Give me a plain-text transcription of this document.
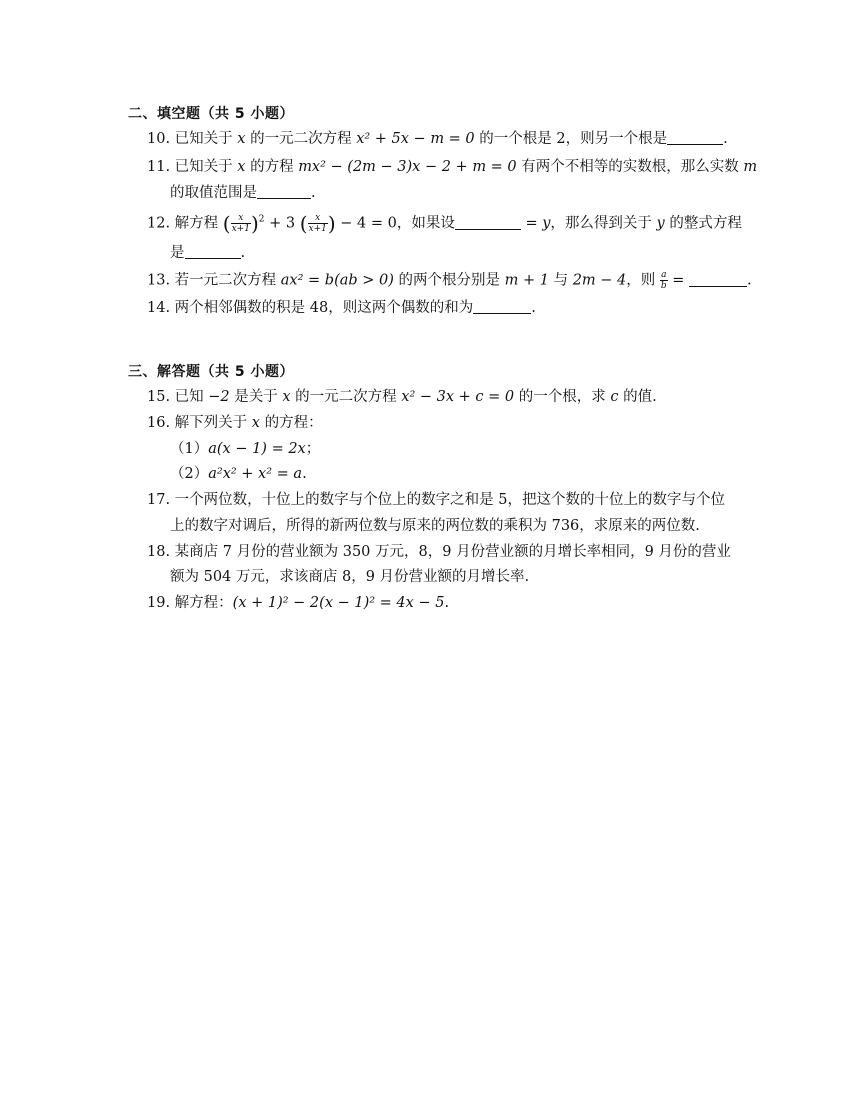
二、填空题（共 5 小题）
10. 已知关于 x 的一元二次方程 x² + 5x − m = 0 的一个根是 2，则另一个根是	.
11. 已知关于 x 的方程 mx² − (2m − 3)x − 2 + m = 0 有两个不相等的实数根，那么实数 m
的取值范围是	.
12. 解方程 ( $\frac{x}{x+1} )^2 + 3$ ( $\frac{x}{x+1}$ ) − 4 = 0，如果设	= y，那么得到关于 y 的整式方程
是	.
13. 若一元二次方程 ax² = b(ab > 0) 的两个根分别是 m + 1 与 2m − 4，则 $\frac{a}{b}$ =	.
14. 两个相邻偶数的积是 48，则这两个偶数的和为	.
三、解答题（共 5 小题）
15. 已知 −2 是关于 x 的一元二次方程 x² − 3x + c = 0 的一个根，求 c 的值.
16. 解下列关于 x 的方程：
（1）a(x − 1) = 2x；
（2）a²x² + x² = a.
17. 一个两位数，十位上的数字与个位上的数字之和是 5，把这个数的十位上的数字与个位
上的数字对调后，所得的新两位数与原来的两位数的乘积为 736，求原来的两位数.
18. 某商店 7 月份的营业额为 350 万元，8，9 月份营业额的月增长率相同，9 月份的营业
额为 504 万元，求该商店 8，9 月份营业额的月增长率.
19. 解方程：(x + 1)² − 2(x − 1)² = 4x − 5.
